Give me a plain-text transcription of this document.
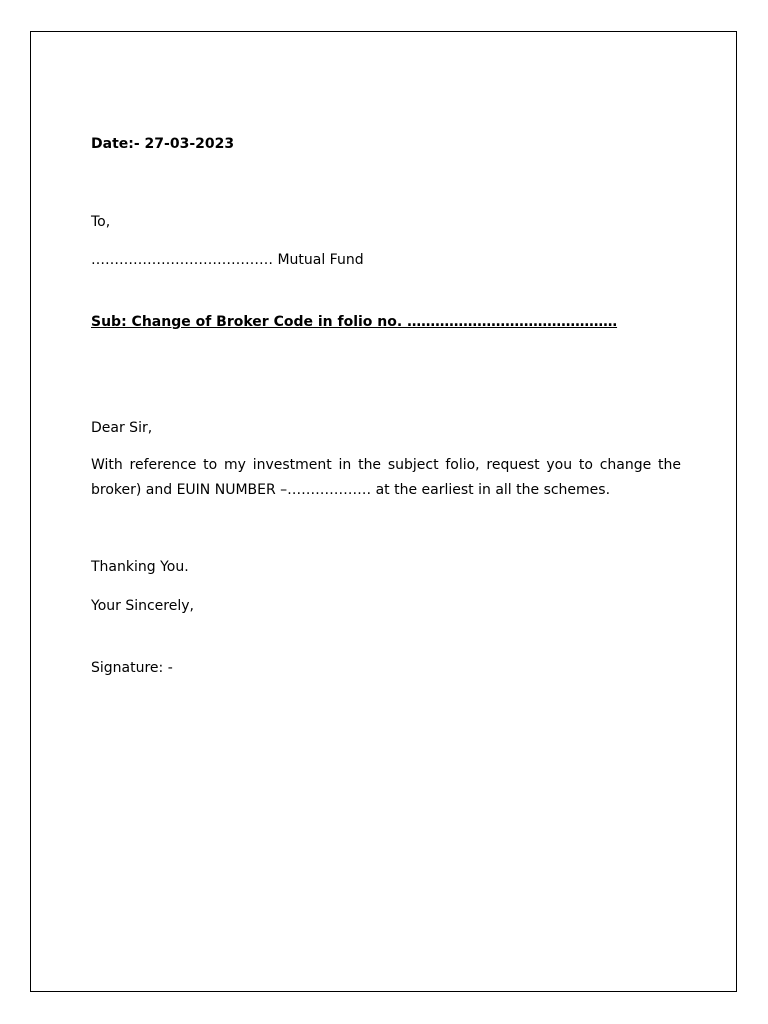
Date:- 27-03-2023
To,
………………………………… Mutual Fund
Sub: Change of Broker Code in folio no. ………………………………………
Dear Sir,
With reference to my investment in the subject folio, request you to change the broker) and EUIN NUMBER –……………… at the earliest in all the schemes.
Thanking You.
Your Sincerely,
Signature: -
